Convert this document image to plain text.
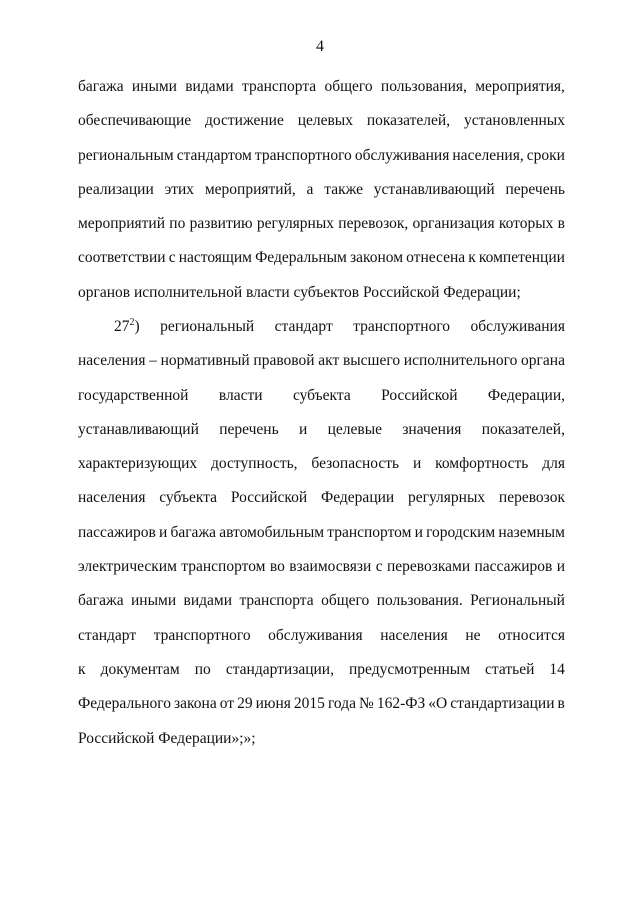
4
багажа иными видами транспорта общего пользования, мероприятия,
обеспечивающие достижение целевых показателей, установленных
региональным стандартом транспортного обслуживания населения, сроки
реализации этих мероприятий, а также устанавливающий перечень
мероприятий по развитию регулярных перевозок, организация которых в
соответствии с настоящим Федеральным законом отнесена к компетенции
органов исполнительной власти субъектов Российской Федерации;
27$^2$) региональный стандарт транспортного обслуживания
населения – нормативный правовой акт высшего исполнительного органа
государственной власти субъекта Российской Федерации,
устанавливающий перечень и целевые значения показателей,
характеризующих доступность, безопасность и комфортность для
населения субъекта Российской Федерации регулярных перевозок
пассажиров и багажа автомобильным транспортом и городским наземным
электрическим транспортом во взаимосвязи с перевозками пассажиров и
багажа иными видами транспорта общего пользования. Региональный
стандарт транспортного обслуживания населения не относится
к документам по стандартизации, предусмотренным статьей 14
Федерального закона от 29 июня 2015 года № 162-ФЗ «О стандартизации в
Российской Федерации»;»;
